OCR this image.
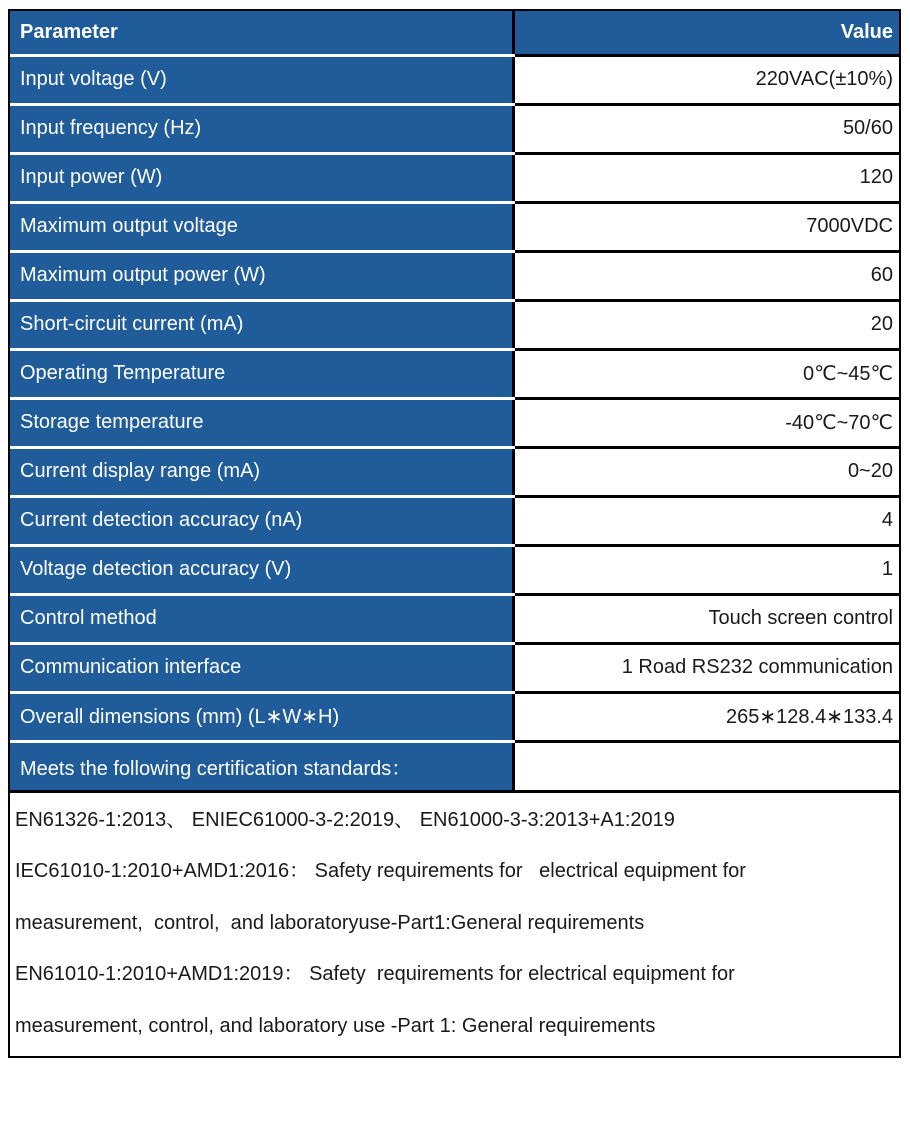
Parameter	Value
Input voltage (V)	220VAC(±10%)
Input frequency (Hz)	50/60
Input power (W)	120
Maximum output voltage	7000VDC
Maximum output power (W)	60
Short-circuit current (mA)	20
Operating Temperature	0℃~45℃
Storage temperature	-40℃~70℃
Current display range (mA)	0~20
Current detection accuracy (nA)	4
Voltage detection accuracy (V)	1
Control method	Touch screen control
Communication interface	1 Road RS232 communication
Overall dimensions (mm) (L∗W∗H)	265∗128.4∗133.4
Meets the following certification standards：	
EN61326-1:2013、 ENIEC61000-3-2:2019、 EN61000-3-3:2013+A1:2019
IEC61010-1:2010+AMD1:2016： Safety requirements for   electrical equipment for
measurement,  control,  and laboratoryuse-Part1:General requirements
EN61010-1:2010+AMD1:2019： Safety  requirements for electrical equipment for
measurement, control, and laboratory use -Part 1: General requirements
